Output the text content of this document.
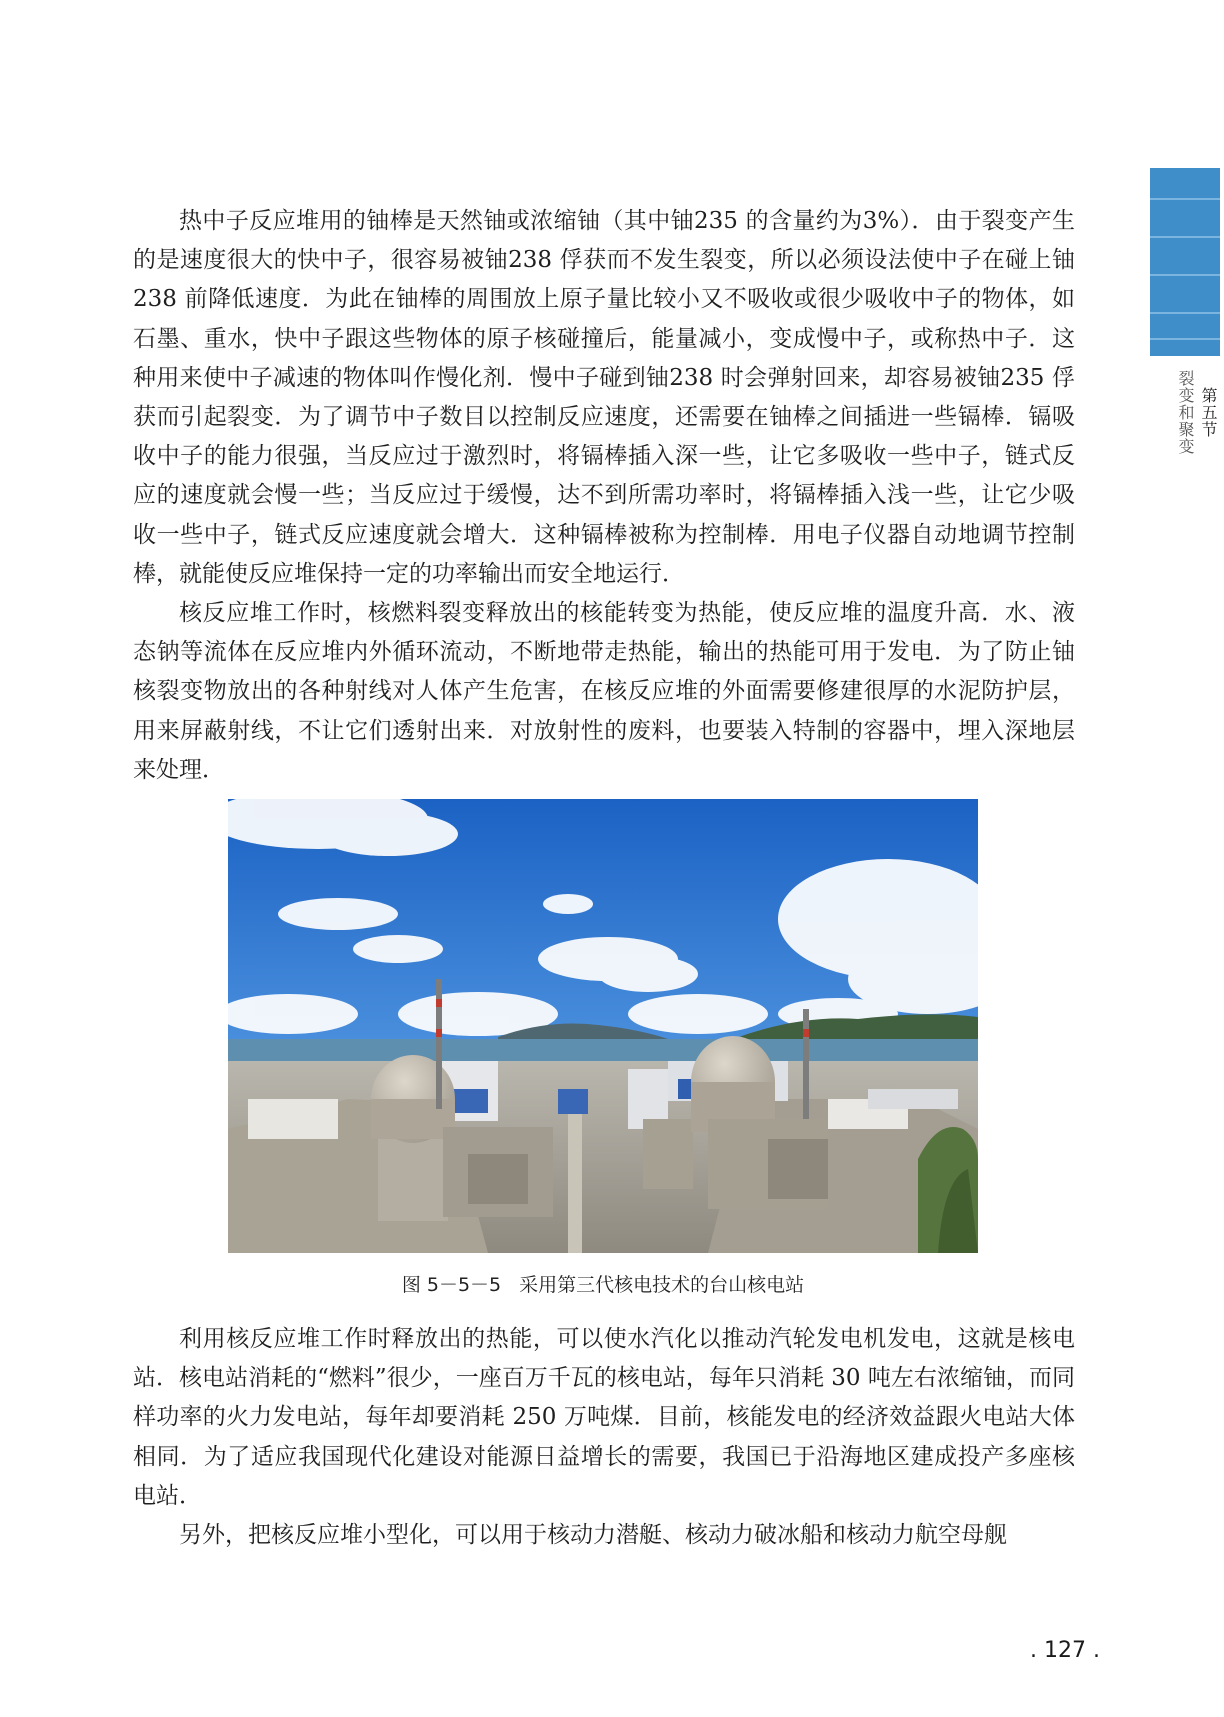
第五节
裂变和聚变

热中子反应堆用的铀棒是天然铀或浓缩铀（其中铀235 的含量约为3%）．由于裂变产生的是速度很大的快中子，很容易被铀238 俘获而不发生裂变，所以必须设法使中子在碰上铀238 前降低速度．为此在铀棒的周围放上原子量比较小又不吸收或很少吸收中子的物体，如石墨、重水，快中子跟这些物体的原子核碰撞后，能量减小，变成慢中子，或称热中子．这种用来使中子减速的物体叫作慢化剂．慢中子碰到铀238 时会弹射回来，却容易被铀235 俘获而引起裂变．为了调节中子数目以控制反应速度，还需要在铀棒之间插进一些镉棒．镉吸收中子的能力很强，当反应过于激烈时，将镉棒插入深一些，让它多吸收一些中子，链式反应的速度就会慢一些；当反应过于缓慢，达不到所需功率时，将镉棒插入浅一些，让它少吸收一些中子，链式反应速度就会增大．这种镉棒被称为控制棒．用电子仪器自动地调节控制棒，就能使反应堆保持一定的功率输出而安全地运行．

核反应堆工作时，核燃料裂变释放出的核能转变为热能，使反应堆的温度升高．水、液态钠等流体在反应堆内外循环流动，不断地带走热能，输出的热能可用于发电．为了防止铀核裂变物放出的各种射线对人体产生危害，在核反应堆的外面需要修建很厚的水泥防护层，用来屏蔽射线，不让它们透射出来．对放射性的废料，也要装入特制的容器中，埋入深地层来处理．

图 5－5－5 采用第三代核电技术的台山核电站

利用核反应堆工作时释放出的热能，可以使水汽化以推动汽轮发电机发电，这就是核电站．核电站消耗的“燃料”很少，一座百万千瓦的核电站，每年只消耗 30 吨左右浓缩铀，而同样功率的火力发电站，每年却要消耗 250 万吨煤．目前，核能发电的经济效益跟火电站大体相同．为了适应我国现代化建设对能源日益增长的需要，我国已于沿海地区建成投产多座核电站．

另外，把核反应堆小型化，可以用于核动力潜艇、核动力破冰船和核动力航空母舰

. 127 .
